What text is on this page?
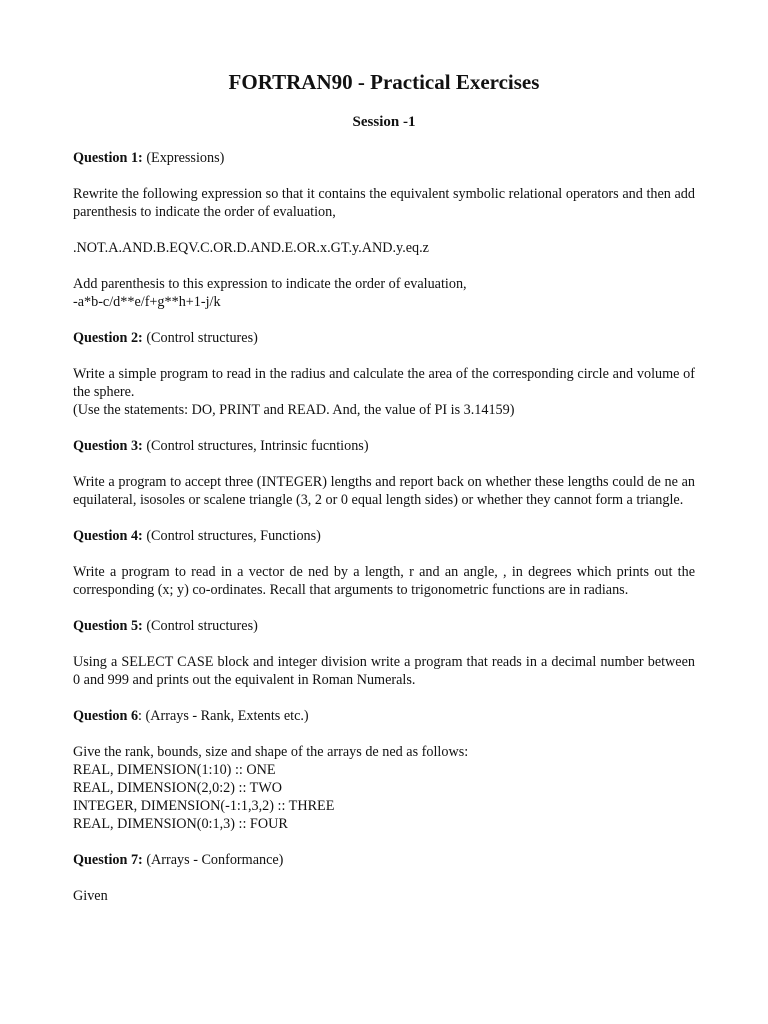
FORTRAN90 - Practical Exercises
Session -1

Question 1: (Expressions)

Rewrite the following expression so that it contains the equivalent symbolic relational operators and then add parenthesis to indicate the order of evaluation,

.NOT.A.AND.B.EQV.C.OR.D.AND.E.OR.x.GT.y.AND.y.eq.z

Add parenthesis to this expression to indicate the order of evaluation,
-a*b-c/d**e/f+g**h+1-j/k

Question 2: (Control structures)

Write a simple program to read in the radius and calculate the area of the corresponding circle and volume of the sphere.
(Use the statements: DO, PRINT and READ. And, the value of PI is 3.14159)

Question 3: (Control structures, Intrinsic fucntions)

Write a program to accept three (INTEGER) lengths and report back on whether these lengths could de ne an equilateral, isosoles or scalene triangle (3, 2 or 0 equal length sides) or whether they cannot form a triangle.

Question 4: (Control structures, Functions)

Write a program to read in a vector de ned by a length, r and an angle, , in degrees which prints out the corresponding (x; y) co-ordinates. Recall that arguments to trigonometric functions are in radians.

Question 5: (Control structures)

Using a SELECT CASE block and integer division write a program that reads in a decimal number between 0 and 999 and prints out the equivalent in Roman Numerals.

Question 6: (Arrays - Rank, Extents etc.)

Give the rank, bounds, size and shape of the arrays de ned as follows:
REAL, DIMENSION(1:10) :: ONE
REAL, DIMENSION(2,0:2) :: TWO
INTEGER, DIMENSION(-1:1,3,2) :: THREE
REAL, DIMENSION(0:1,3) :: FOUR

Question 7: (Arrays - Conformance)

Given
